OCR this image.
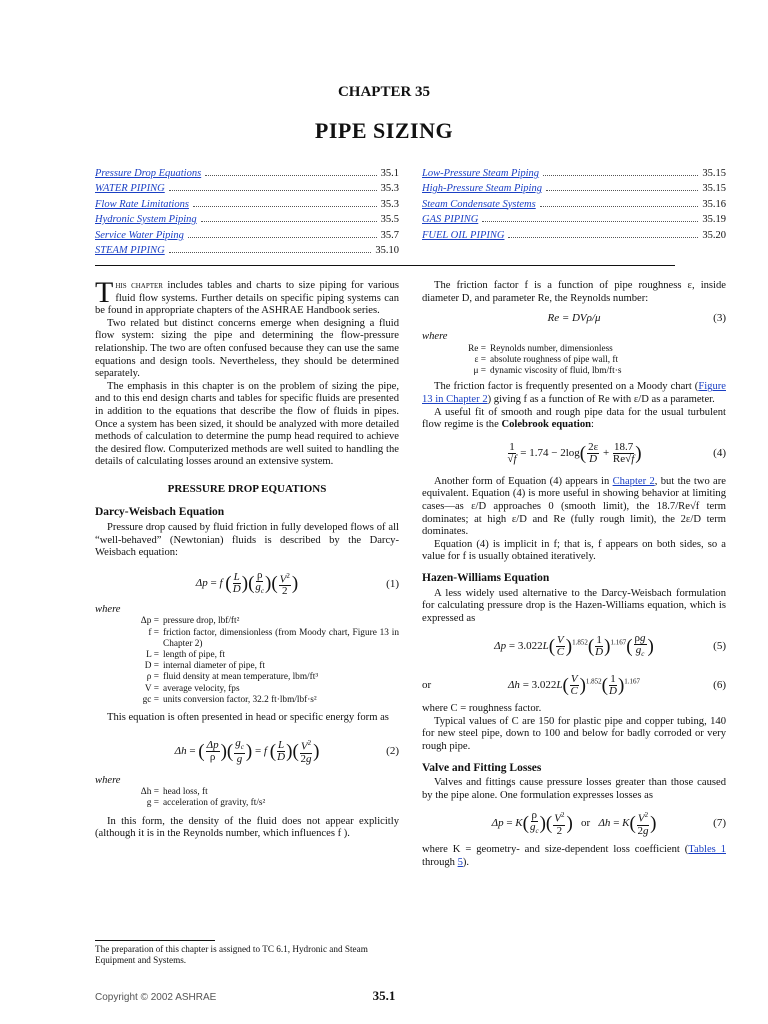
CHAPTER 35
PIPE SIZING
Pressure Drop Equations	35.1
WATER PIPING	35.3
Flow Rate Limitations	35.3
Hydronic System Piping	35.5
Service Water Piping	35.7
STEAM PIPING	35.10
Low-Pressure Steam Piping	35.15
High-Pressure Steam Piping	35.15
Steam Condensate Systems	35.16
GAS PIPING	35.19
FUEL OIL PIPING	35.20

This chapter includes tables and charts to size piping for various fluid flow systems. Further details on specific piping systems can be found in appropriate chapters of the ASHRAE Handbook series.

Two related but distinct concerns emerge when designing a fluid flow system: sizing the pipe and determining the flow-pressure relationship. The two are often confused because they can use the same equations and design tools. Nevertheless, they should be determined separately.

The emphasis in this chapter is on the problem of sizing the pipe, and to this end design charts and tables for specific fluids are presented in addition to the equations that describe the flow of fluids in pipes. Once a system has been sized, it should be analyzed with more detailed methods of calculation to determine the pump head required to achieve the desired flow. Computerized methods are well suited to handling the details of calculating losses around an extensive system.

PRESSURE DROP EQUATIONS
Darcy-Weisbach Equation

Pressure drop caused by fluid friction in fully developed flows of all “well-behaved” (Newtonian) fluids is described by the Darcy-Weisbach equation:

Δp = f ( $\frac{L}{D}$ )( $\frac{\rho}{g_c}$ )( $\frac{V^2}{2}$ )	(1)
where
Δp = pressure drop, lbf/ft²
f = friction factor, dimensionless (from Moody chart, Figure 13 in Chapter 2)
L = length of pipe, ft
D = internal diameter of pipe, ft
ρ = fluid density at mean temperature, lbm/ft³
V = average velocity, fps
gc = units conversion factor, 32.2 ft·lbm/lbf·s²

This equation is often presented in head or specific energy form as

Δh = ( $\frac{\Delta p}{\rho}$ )( $\frac{g_c}{g}$ ) = f ( $\frac{L}{D}$ )( $\frac{V^2}{2g}$ )	(2)
where
Δh = head loss, ft
g = acceleration of gravity, ft/s²

In this form, the density of the fluid does not appear explicitly (although it is in the Reynolds number, which influences f ).

The friction factor f is a function of pipe roughness ε, inside diameter D, and parameter Re, the Reynolds number:

Re = DVρ/μ	(3)
where
Re = Reynolds number, dimensionless
ε = absolute roughness of pipe wall, ft
μ = dynamic viscosity of fluid, lbm/ft·s

The friction factor is frequently presented on a Moody chart (Figure 13 in Chapter 2) giving f as a function of Re with ε/D as a parameter.

A useful fit of smooth and rough pipe data for the usual turbulent flow regime is the Colebrook equation:

$\frac{1}{√f} = 1.74 - 2\log( \frac{2\varepsilon}{D} + \frac{18.7}{Re√f}$ )	(4)

Another form of Equation (4) appears in Chapter 2, but the two are equivalent. Equation (4) is more useful in showing behavior at limiting cases—as ε/D approaches 0 (smooth limit), the 18.7/Re√f term dominates; at high ε/D and Re (fully rough limit), the 2ε/D term dominates.

Equation (4) is implicit in f; that is, f appears on both sides, so a value for f is usually obtained iteratively.

Hazen-Williams Equation

A less widely used alternative to the Darcy-Weisbach formulation for calculating pressure drop is the Hazen-Williams equation, which is expressed as

$\Delta p = 3.022L( \frac{V}{C} )^{1.852}( \frac{1}{D} )^{1.167}( \frac{\rho g}{g_c}$ )	(5)
or	$\Delta h = 3.022L( \frac{V}{C} )^{1.852}( \frac{1}{D} )^{1.167}$	(6)

where C = roughness factor.

Typical values of C are 150 for plastic pipe and copper tubing, 140 for new steel pipe, down to 100 and below for badly corroded or very rough pipe.

Valve and Fitting Losses

Valves and fittings cause pressure losses greater than those caused by the pipe alone. One formulation expresses losses as

$\Delta p = K( \frac{\rho}{g_c}$ )( $\frac{V^2}{2}$ ) or $\Delta h = K( \frac{V^2}{2g}$ )	(7)

where K = geometry- and size-dependent loss coefficient (Tables 1 through 5).

The preparation of this chapter is assigned to TC 6.1, Hydronic and Steam Equipment and Systems.
Copyright © 2002 ASHRAE	35.1
